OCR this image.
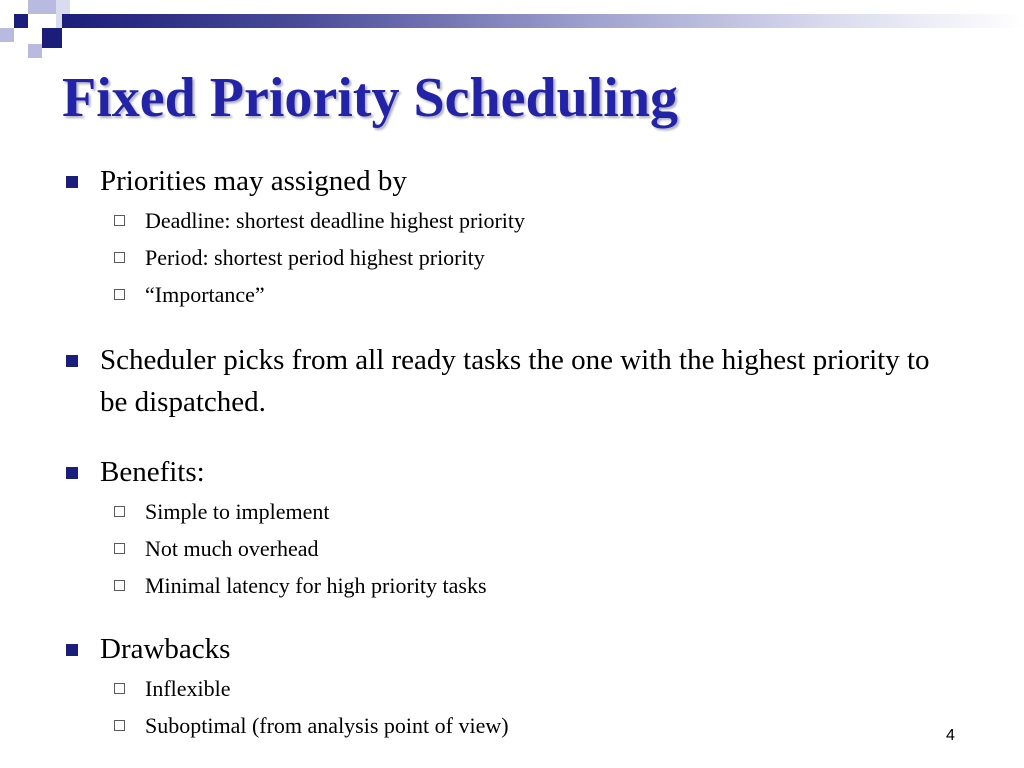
Fixed Priority Scheduling
Priorities may assigned by
Deadline: shortest deadline highest priority
Period: shortest period highest priority
“Importance”
Scheduler picks from all ready tasks the one with the highest priority to be dispatched.
Benefits:
Simple to implement
Not much overhead
Minimal latency for high priority tasks
Drawbacks
Inflexible
Suboptimal (from analysis point of view)	4
